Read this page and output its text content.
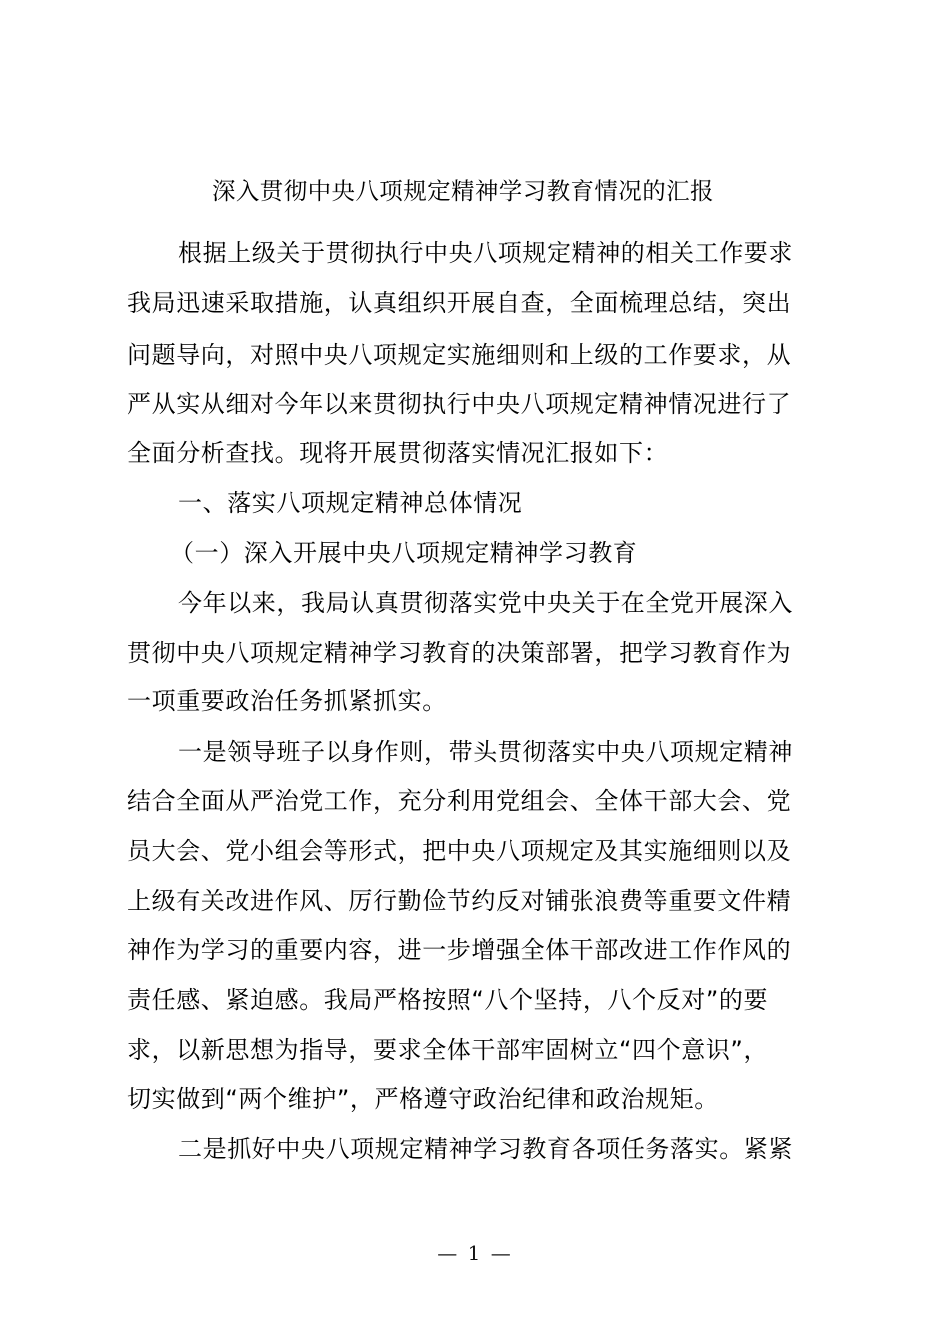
深入贯彻中央八项规定精神学习教育情况的汇报
根据上级关于贯彻执行中央八项规定精神的相关工作要求
我局迅速采取措施，认真组织开展自查，全面梳理总结，突出
问题导向，对照中央八项规定实施细则和上级的工作要求，从
严从实从细对今年以来贯彻执行中央八项规定精神情况进行了
全面分析查找。现将开展贯彻落实情况汇报如下：
一、落实八项规定精神总体情况
（一）深入开展中央八项规定精神学习教育
今年以来，我局认真贯彻落实党中央关于在全党开展深入
贯彻中央八项规定精神学习教育的决策部署，把学习教育作为
一项重要政治任务抓紧抓实。
一是领导班子以身作则，带头贯彻落实中央八项规定精神
结合全面从严治党工作，充分利用党组会、全体干部大会、党
员大会、党小组会等形式，把中央八项规定及其实施细则以及
上级有关改进作风、厉行勤俭节约反对铺张浪费等重要文件精
神作为学习的重要内容，进一步增强全体干部改进工作作风的
责任感、紧迫感。我局严格按照“八个坚持，八个反对”的要
求，以新思想为指导，要求全体干部牢固树立“四个意识”，
切实做到“两个维护”，严格遵守政治纪律和政治规矩。
二是抓好中央八项规定精神学习教育各项任务落实。紧紧
— 1 —
